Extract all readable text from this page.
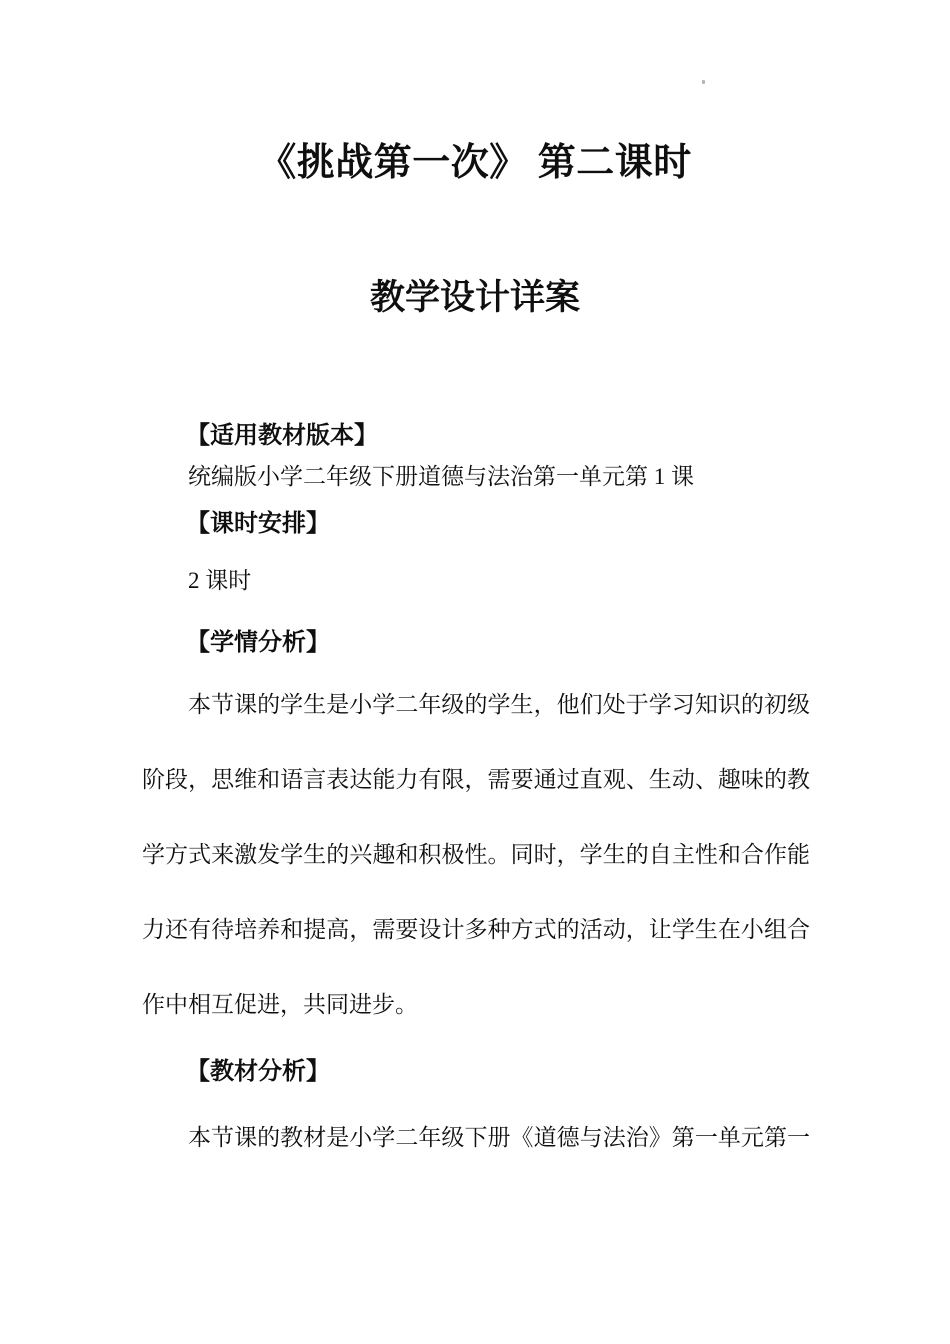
《挑战第一次》 第二课时
教学设计详案
【适用教材版本】
统编版小学二年级下册道德与法治第一单元第 1 课
【课时安排】
2 课时
【学情分析】
本节课的学生是小学二年级的学生，他们处于学习知识的初级
阶段，思维和语言表达能力有限，需要通过直观、生动、趣味的教
学方式来激发学生的兴趣和积极性。同时，学生的自主性和合作能
力还有待培养和提高，需要设计多种方式的活动，让学生在小组合
作中相互促进，共同进步。
【教材分析】
本节课的教材是小学二年级下册《道德与法治》第一单元第一
